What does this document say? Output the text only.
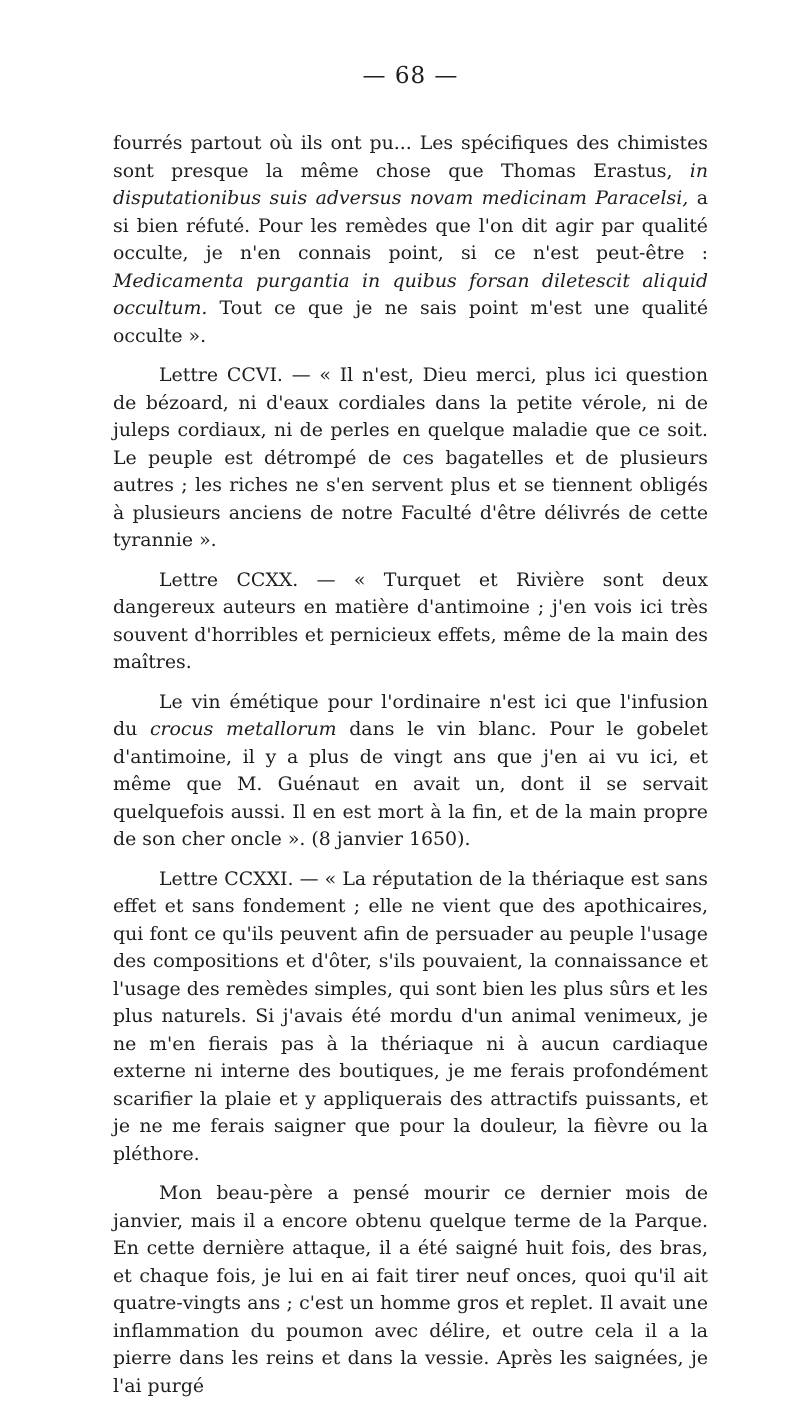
— 68 —

fourrés partout où ils ont pu... Les spécifiques des chimistes sont presque la même chose que Thomas Erastus, in disputationibus suis adversus novam medicinam Paracelsi, a si bien réfuté. Pour les remèdes que l'on dit agir par qualité occulte, je n'en connais point, si ce n'est peut-être : Medicamenta purgantia in quibus forsan diletescit aliquid occultum. Tout ce que je ne sais point m'est une qualité occulte ».

Lettre CCVI. — « Il n'est, Dieu merci, plus ici question de bézoard, ni d'eaux cordiales dans la petite vérole, ni de juleps cordiaux, ni de perles en quelque maladie que ce soit. Le peuple est détrompé de ces bagatelles et de plusieurs autres ; les riches ne s'en servent plus et se tiennent obligés à plusieurs anciens de notre Faculté d'être délivrés de cette tyrannie ».

Lettre CCXX. — « Turquet et Rivière sont deux dangereux auteurs en matière d'antimoine ; j'en vois ici très souvent d'horribles et pernicieux effets, même de la main des maîtres.

Le vin émétique pour l'ordinaire n'est ici que l'infusion du crocus metallorum dans le vin blanc. Pour le gobelet d'antimoine, il y a plus de vingt ans que j'en ai vu ici, et même que M. Guénaut en avait un, dont il se servait quelquefois aussi. Il en est mort à la fin, et de la main propre de son cher oncle ». (8 janvier 1650).

Lettre CCXXI. — « La réputation de la thériaque est sans effet et sans fondement ; elle ne vient que des apothicaires, qui font ce qu'ils peuvent afin de persuader au peuple l'usage des compositions et d'ôter, s'ils pouvaient, la connaissance et l'usage des remèdes simples, qui sont bien les plus sûrs et les plus naturels. Si j'avais été mordu d'un animal venimeux, je ne m'en fierais pas à la thériaque ni à aucun cardiaque externe ni interne des boutiques, je me ferais profondément scarifier la plaie et y appliquerais des attractifs puissants, et je ne me ferais saigner que pour la douleur, la fièvre ou la pléthore.

Mon beau-père a pensé mourir ce dernier mois de janvier, mais il a encore obtenu quelque terme de la Parque. En cette dernière attaque, il a été saigné huit fois, des bras, et chaque fois, je lui en ai fait tirer neuf onces, quoi qu'il ait quatre-vingts ans ; c'est un homme gros et replet. Il avait une inflammation du poumon avec délire, et outre cela il a la pierre dans les reins et dans la vessie. Après les saignées, je l'ai purgé
